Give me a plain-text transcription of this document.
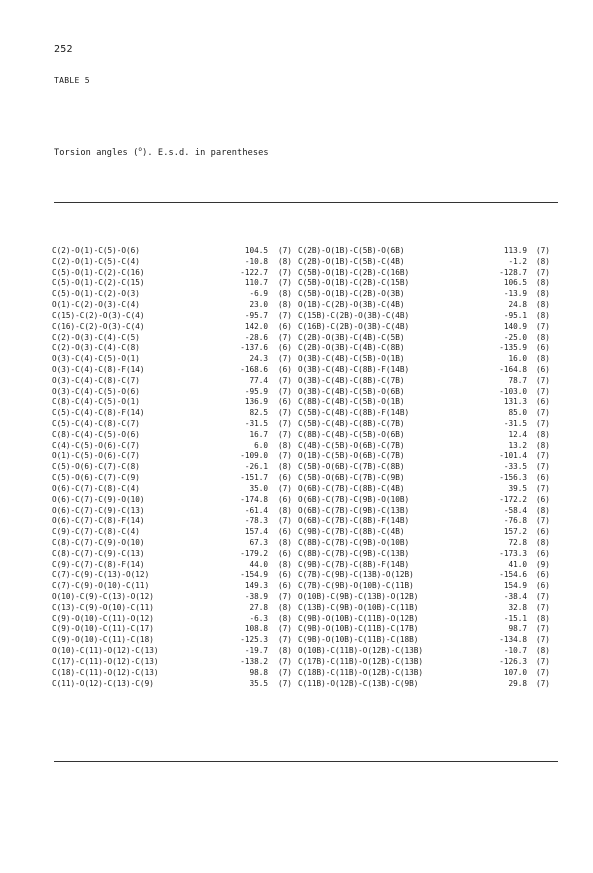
252
TABLE 5
Torsion angles ($^o$). E.s.d. in parentheses
C(2)-O(1)-C(5)-O(6)	104.5 (7)
C(2)-O(1)-C(5)-C(4)	-10.8 (8)
C(5)-O(1)-C(2)-C(16)	-122.7 (7)
C(5)-O(1)-C(2)-C(15)	110.7 (7)
C(5)-O(1)-C(2)-O(3)	-6.9 (8)
O(1)-C(2)-O(3)-C(4)	23.0 (8)
C(15)-C(2)-O(3)-C(4)	-95.7 (7)
C(16)-C(2)-O(3)-C(4)	142.0 (6)
C(2)-O(3)-C(4)-C(5)	-28.6 (7)
C(2)-O(3)-C(4)-C(8)	-137.6 (6)
O(3)-C(4)-C(5)-O(1)	24.3 (7)
O(3)-C(4)-C(8)-F(14)	-168.6 (6)
O(3)-C(4)-C(8)-C(7)	77.4 (7)
O(3)-C(4)-C(5)-O(6)	-95.9 (7)
C(8)-C(4)-C(5)-O(1)	136.9 (6)
C(5)-C(4)-C(8)-F(14)	82.5 (7)
C(5)-C(4)-C(8)-C(7)	-31.5 (7)
C(8)-C(4)-C(5)-O(6)	16.7 (7)
C(4)-C(5)-O(6)-C(7)	6.0 (8)
O(1)-C(5)-O(6)-C(7)	-109.0 (7)
C(5)-O(6)-C(7)-C(8)	-26.1 (8)
C(5)-O(6)-C(7)-C(9)	-151.7 (6)
O(6)-C(7)-C(8)-C(4)	35.0 (7)
O(6)-C(7)-C(9)-O(10)	-174.8 (6)
O(6)-C(7)-C(9)-C(13)	-61.4 (8)
O(6)-C(7)-C(8)-F(14)	-78.3 (7)
C(9)-C(7)-C(8)-C(4)	157.4 (6)
C(8)-C(7)-C(9)-O(10)	67.3 (8)
C(8)-C(7)-C(9)-C(13)	-179.2 (6)
C(9)-C(7)-C(8)-F(14)	44.0 (8)
C(7)-C(9)-C(13)-O(12)	-154.9 (6)
C(7)-C(9)-O(10)-C(11)	149.3 (6)
O(10)-C(9)-C(13)-O(12)	-38.9 (7)
C(13)-C(9)-O(10)-C(11)	27.8 (8)
C(9)-O(10)-C(11)-O(12)	-6.3 (8)
C(9)-O(10)-C(11)-C(17)	108.8 (7)
C(9)-O(10)-C(11)-C(18)	-125.3 (7)
O(10)-C(11)-O(12)-C(13)	-19.7 (8)
C(17)-C(11)-O(12)-C(13)	-138.2 (7)
C(18)-C(11)-O(12)-C(13)	98.8 (7)
C(11)-O(12)-C(13)-C(9)	35.5 (7)
C(2B)-O(1B)-C(5B)-O(6B)	113.9 (7)
C(2B)-O(1B)-C(5B)-C(4B)	-1.2 (8)
C(5B)-O(1B)-C(2B)-C(16B)	-128.7 (7)
C(5B)-O(1B)-C(2B)-C(15B)	106.5 (8)
C(5B)-O(1B)-C(2B)-O(3B)	-13.9 (8)
O(1B)-C(2B)-O(3B)-C(4B)	24.8 (8)
C(15B)-C(2B)-O(3B)-C(4B)	-95.1 (8)
C(16B)-C(2B)-O(3B)-C(4B)	140.9 (7)
C(2B)-O(3B)-C(4B)-C(5B)	-25.0 (8)
C(2B)-O(3B)-C(4B)-C(8B)	-135.9 (6)
O(3B)-C(4B)-C(5B)-O(1B)	16.0 (8)
O(3B)-C(4B)-C(8B)-F(14B)	-164.8 (6)
O(3B)-C(4B)-C(8B)-C(7B)	78.7 (7)
O(3B)-C(4B)-C(5B)-O(6B)	-103.0 (7)
C(8B)-C(4B)-C(5B)-O(1B)	131.3 (6)
C(5B)-C(4B)-C(8B)-F(14B)	85.0 (7)
C(5B)-C(4B)-C(8B)-C(7B)	-31.5 (7)
C(8B)-C(4B)-C(5B)-O(6B)	12.4 (8)
C(4B)-C(5B)-O(6B)-C(7B)	13.2 (8)
O(1B)-C(5B)-O(6B)-C(7B)	-101.4 (7)
C(5B)-O(6B)-C(7B)-C(8B)	-33.5 (7)
C(5B)-O(6B)-C(7B)-C(9B)	-156.3 (6)
O(6B)-C(7B)-C(8B)-C(4B)	39.5 (7)
O(6B)-C(7B)-C(9B)-O(10B)	-172.2 (6)
O(6B)-C(7B)-C(9B)-C(13B)	-58.4 (8)
O(6B)-C(7B)-C(8B)-F(14B)	-76.8 (7)
C(9B)-C(7B)-C(8B)-C(4B)	157.2 (6)
C(8B)-C(7B)-C(9B)-O(10B)	72.8 (8)
C(8B)-C(7B)-C(9B)-C(13B)	-173.3 (6)
C(9B)-C(7B)-C(8B)-F(14B)	41.0 (9)
C(7B)-C(9B)-C(13B)-O(12B)	-154.6 (6)
C(7B)-C(9B)-O(10B)-C(11B)	154.9 (6)
O(10B)-C(9B)-C(13B)-O(12B)	-38.4 (7)
C(13B)-C(9B)-O(10B)-C(11B)	32.8 (7)
C(9B)-O(10B)-C(11B)-O(12B)	-15.1 (8)
C(9B)-O(10B)-C(11B)-C(17B)	98.7 (7)
C(9B)-O(10B)-C(11B)-C(18B)	-134.8 (7)
O(10B)-C(11B)-O(12B)-C(13B)	-10.7 (8)
C(17B)-C(11B)-O(12B)-C(13B)	-126.3 (7)
C(18B)-C(11B)-O(12B)-C(13B)	107.0 (7)
C(11B)-O(12B)-C(13B)-C(9B)	29.8 (7)
